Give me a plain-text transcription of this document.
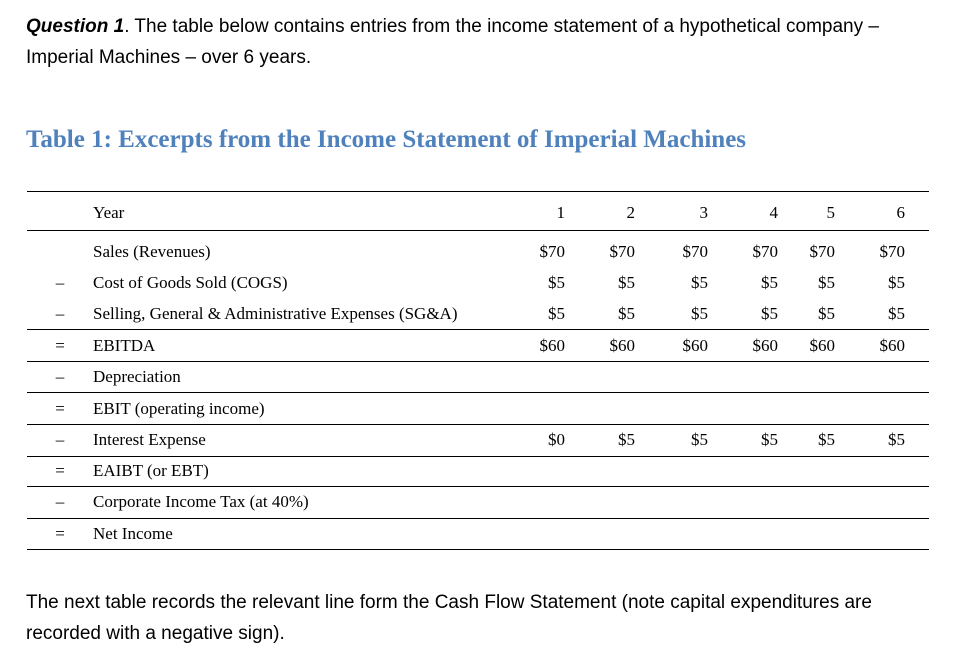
Question 1. The table below contains entries from the income statement of a hypothetical company – Imperial Machines – over 6 years.
Table 1: Excerpts from the Income Statement of Imperial Machines
Year	1	2	3	4	5	6
Sales (Revenues)	$70	$70	$70	$70	$70	$70
–	Cost of Goods Sold (COGS)	$5	$5	$5	$5	$5	$5
–	Selling, General & Administrative Expenses (SG&A)	$5	$5	$5	$5	$5	$5
=	EBITDA	$60	$60	$60	$60	$60	$60
–	Depreciation
=	EBIT (operating income)
–	Interest Expense	$0	$5	$5	$5	$5	$5
=	EAIBT (or EBT)
–	Corporate Income Tax (at 40%)
=	Net Income
The next table records the relevant line form the Cash Flow Statement (note capital expenditures are recorded with a negative sign).
